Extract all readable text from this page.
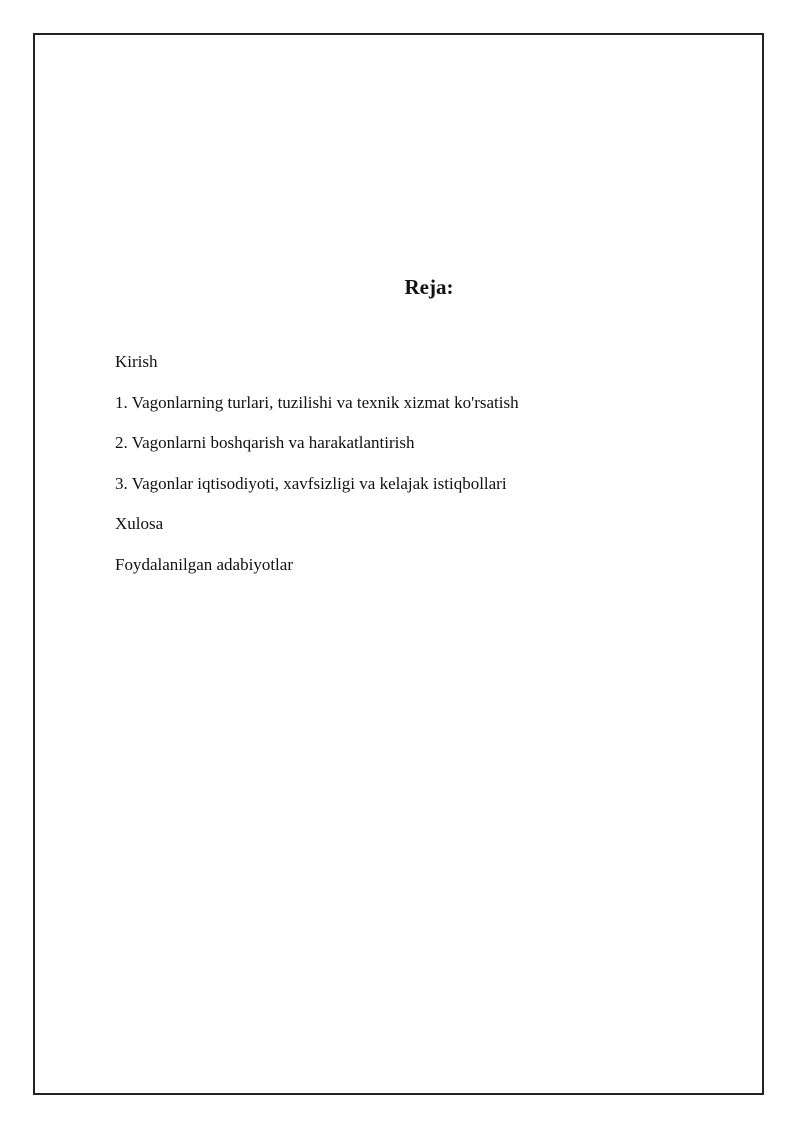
Reja:
Kirish
1. Vagonlarning turlari, tuzilishi va texnik xizmat ko'rsatish
2. Vagonlarni boshqarish va harakatlantirish
3. Vagonlar iqtisodiyoti, xavfsizligi va kelajak istiqbollari
Xulosa
Foydalanilgan adabiyotlar
